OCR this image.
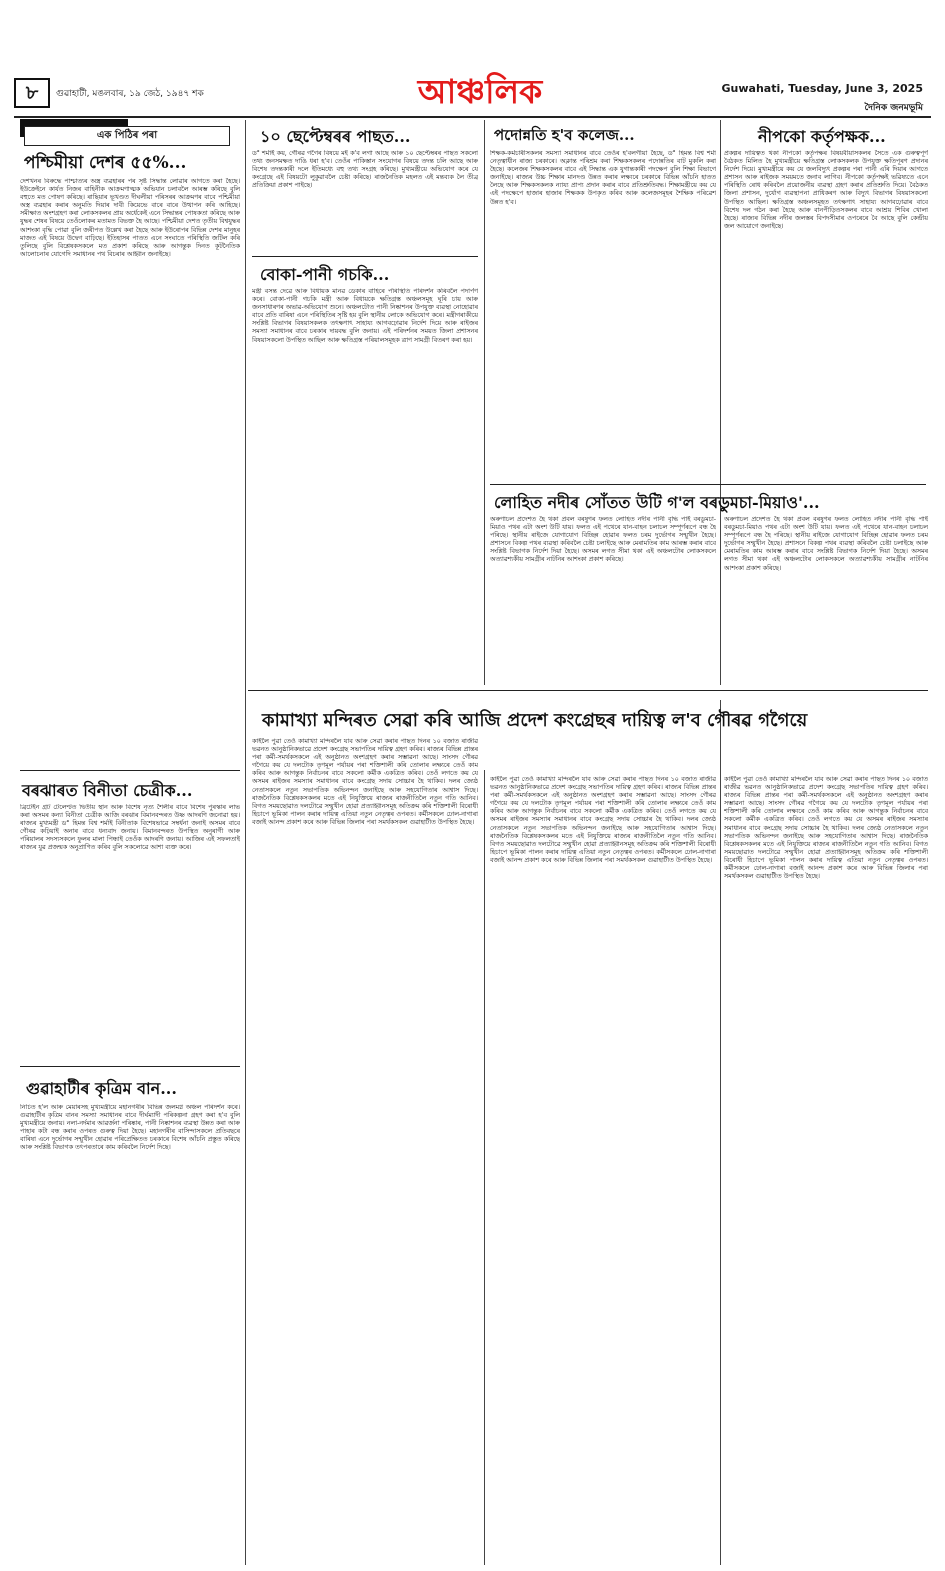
৮	গুৱাহাটী, মঙলবাৰ, ১৯ জেঠ, ১৯৪৭ শক	আঞ্চলিক	Guwahati, Tuesday, June 3, 2025
দৈনিক জনমভূমি
এক পিঠিৰ পৰা
পশ্চিমীয়া দেশৰ ৫৫%...
দেশখনৰ বিৰুদ্ধে পাশ্চাত্যৰ অস্ত্ৰ ব্যৱহাৰৰ পৰ সৃষ্ট সিদ্ধান্ত লোৱাৰ আগতে কৰা হৈছে। ইউক্ৰেইনে কাৰ্যত নিজৰ বাহিনীক আক্ৰমণাত্মক অভিযান চলাবলৈ আৰম্ভ কৰিছে বুলি বহুতে মত পোষণ কৰিছে। ৰাছিয়াৰ ভূখণ্ডত দীঘলীয়া পৰিসৰৰ আক্ৰমণৰ বাবে পশ্চিমীয়া অস্ত্ৰ ব্যৱহাৰ কৰাৰ অনুমতি দিয়াৰ দাবী কিয়েভে বাৰে বাৰে উত্থাপন কৰি আহিছে। সমীক্ষাত অংশগ্ৰহণ কৰা লোকসকলৰ প্ৰায় অৰ্ধেকেই এনে সিদ্ধান্তৰ পোষকতা কৰিছে আৰু যুদ্ধৰ শেষৰ বিষয়ে তেওঁলোকৰ মতামত বিভক্ত হৈ আছে। পশ্চিমীয়া দেশত তৃতীয় বিশ্বযুদ্ধৰ আশংকা বৃদ্ধি পোৱা বুলি জৰীপত উল্লেখ কৰা হৈছে আৰু ইউৰোপৰ বিভিন্ন দেশৰ মানুহৰ মাজত এই বিষয়ে উদ্বেগ বাঢ়িছে। ইতিহাসৰ পাতত এনে সংঘাতে পৰিস্থিতি জটিল কৰি তুলিছে বুলি বিশ্লেষকসকলে মত প্ৰকাশ কৰিছে আৰু আগন্তুক দিনত কূটনৈতিক আলোচনাৰ যোগেদি সমাধানৰ পথ বিচৰাৰ আহ্বান জনাইছে।
বৰঝাৰত বিনীতা চেত্ৰীক...
ব্ৰিটেইন গ্ৰট টেলেণ্টত দ্বিতীয় স্থান আৰু বিশেষ নৃত্য শৈলীৰ বাবে বিশেষ পুৰস্কাৰ লাভ কৰা অসমৰ কন্যা বিনীতা চেত্ৰীক আজি বৰঝাৰ বিমানবন্দৰত উষ্ণ আদৰণি জনোৱা হয়। ৰাজ্যৰ মুখ্যমন্ত্ৰী ড° হিমন্ত বিশ্ব শৰ্মাই বিনীতাক বিশেষভাৱে সম্বৰ্ধনা জনাই অসমৰ বাবে গৌৰৱ কঢ়িয়াই অনাৰ বাবে ধন্যবাদ জনায়। বিমানবন্দৰত উপস্থিত অনুৰাগী আৰু পৰিয়ালৰ সদস্যসকলে ফুলৰ মালা পিন্ধাই তেওঁক আদৰণি জনায়। আজিৰ এই সফলতাই ৰাজ্যৰ যুৱ প্ৰজন্মক অনুপ্ৰাণিত কৰিব বুলি সকলোৱে আশা ব্যক্ত কৰে।
গুৱাহাটীৰ কৃত্ৰিম বান...
নিচিত হ'ল আৰু মেয়াৰসহ মুখ্যমন্ত্ৰীয়ে মহানগৰীৰ বিভিন্ন জলমগ্ন অঞ্চল পৰিদৰ্শন কৰে। গুৱাহাটীৰ কৃত্ৰিম বানৰ সমস্যা সমাধানৰ বাবে দীৰ্ঘম্যাদী পৰিকল্পনা গ্ৰহণ কৰা হ'ব বুলি মুখ্যমন্ত্ৰীয়ে জনায়। নলা-নৰ্দমাৰ আৱৰ্জনা পৰিষ্কাৰ, পানী নিষ্কাশনৰ ব্যৱস্থা উন্নত কৰা আৰু পাহাৰ কটা বন্ধ কৰাৰ ওপৰত গুৰুত্ব দিয়া হৈছে। মহানগৰীৰ বাসিন্দাসকলে প্ৰতিবছৰে বাৰিষা এনে দুৰ্ভোগৰ সন্মুখীন হোৱাৰ পৰিপ্ৰেক্ষিতত চৰকাৰে বিশেষ আঁচনি প্ৰস্তুত কৰিছে আৰু সংশ্লিষ্ট বিভাগক তৎপৰতাৰে কাম কৰিবলৈ নিৰ্দেশ দিছে।
১০ ছেপ্টেম্বৰৰ পাছত...
ড° শৰ্মাই কয়, গৌৰৱ গগৈৰ বিষয়ে মই ক'ব লগা আছে আৰু ১০ ছেপ্টেম্বৰৰ পাছত সকলো তথ্য জনসমক্ষত দাঙি ধৰা হ'ব। তেওঁৰ পাকিস্তান সংযোগৰ বিষয়ে তদন্ত চলি আছে আৰু বিশেষ তদন্তকাৰী দলে ইতিমধ্যে বহু তথ্য সংগ্ৰহ কৰিছে। মুখ্যমন্ত্ৰীয়ে অভিযোগ কৰে যে কংগ্ৰেছে এই বিষয়টো লুকুৱাবলৈ চেষ্টা কৰিছে। ৰাজনৈতিক মহলত এই মন্তব্যক লৈ তীব্ৰ প্ৰতিক্ৰিয়া প্ৰকাশ পাইছে।
বোকা-পানী গচকি...
মন্ত্ৰী বসন্ত দেৱে আৰু বিধায়ক মানৱ ডেকাৰ বাহিৰে পৰিস্থিতি পৰিদৰ্শন কৰিবলৈ পদাৰ্পণ কৰে। বোকা-পানী গচকি মন্ত্ৰী আৰু বিধায়কে ক্ষতিগ্ৰস্ত অঞ্চলসমূহ ঘূৰি চায় আৰু জনসাধাৰণৰ অভাৱ-অভিযোগ শুনে। অঞ্চলটোত পানী নিষ্কাশনৰ উপযুক্ত ব্যৱস্থা নোহোৱাৰ বাবে প্ৰতি বাৰিষা এনে পৰিস্থিতিৰ সৃষ্টি হয় বুলি স্থানীয় লোকে অভিযোগ কৰে। মন্ত্ৰীগৰাকীয়ে সংশ্লিষ্ট বিভাগৰ বিষয়াসকলক তৎক্ষণাৎ সাহায্য আগবঢ়োৱাৰ নিৰ্দেশ দিয়ে আৰু ৰাইজৰ সমস্যা সমাধানৰ বাবে চৰকাৰ দায়বদ্ধ বুলি জনায়। এই পৰিদৰ্শনৰ সময়ত জিলা প্ৰশাসনৰ বিষয়াসকলো উপস্থিত আছিল আৰু ক্ষতিগ্ৰস্ত পৰিয়ালসমূহক ত্ৰাণ সামগ্ৰী বিতৰণ কৰা হয়।
পদোন্নতি হ'ব কলেজ...
শিক্ষক-কৰ্মচাৰীসকলৰ সমস্যা সমাধানৰ বাবে তেওঁৰ হ'বলগীয়া হৈছে, ড° হিমন্ত বিশ্ব শৰ্মা নেতৃত্বাধীন ৰাজ্য চৰকাৰে। অক্লান্ত পৰিশ্ৰম কৰা শিক্ষকসকলৰ পদোন্নতিৰ বাট মুকলি কৰা হৈছে। কলেজৰ শিক্ষকসকলৰ বাবে এই সিদ্ধান্ত এক যুগান্তকাৰী পদক্ষেপ বুলি শিক্ষা বিভাগে জনাইছে। ৰাজ্যৰ উচ্চ শিক্ষাৰ মানদণ্ড উন্নত কৰাৰ লক্ষ্যৰে চৰকাৰে বিভিন্ন আঁচনি হাতত লৈছে আৰু শিক্ষকসকলক ন্যায্য প্ৰাপ্য প্ৰদান কৰাৰ বাবে প্ৰতিশ্ৰুতিবদ্ধ। শিক্ষামন্ত্ৰীয়ে কয় যে এই পদক্ষেপে হাজাৰ হাজাৰ শিক্ষকক উপকৃত কৰিব আৰু কলেজসমূহৰ শৈক্ষিক পৰিৱেশ উন্নত হ'ব।
লোহিত নদীৰ সোঁতত উটি গ'ল বৰডুমচা-মিয়াও'...
অৰুণাচল প্ৰদেশত হৈ থকা প্ৰবল বৰষুণৰ ফলত লোহিত নদীৰ পানী বৃদ্ধি পাই বৰডুমচা-মিয়াও পথৰ এটা অংশ উটি যায়। ফলত এই পথেৰে যান-বাহন চলাচল সম্পূৰ্ণৰূপে বন্ধ হৈ পৰিছে। স্থানীয় ৰাইজে যোগাযোগ বিচ্ছিন্ন হোৱাৰ ফলত চৰম দুৰ্ভোগৰ সন্মুখীন হৈছে। প্ৰশাসনে বিকল্প পথৰ ব্যৱস্থা কৰিবলৈ চেষ্টা চলাইছে আৰু মেৰামতিৰ কাম আৰম্ভ কৰাৰ বাবে সংশ্লিষ্ট বিভাগক নিৰ্দেশ দিয়া হৈছে। অসমৰ লগত সীমা থকা এই অঞ্চলটোৰ লোকসকলে অত্যাৱশ্যকীয় সামগ্ৰীৰ নাটনিৰ আশংকা প্ৰকাশ কৰিছে।
নীপকো কৰ্তৃপক্ষক...
প্ৰকল্পৰ দায়িত্বত থকা নীপকো কৰ্তৃপক্ষৰ বিষয়বীয়াসকলৰ সৈতে এক গুৰুত্বপূৰ্ণ বৈঠকত মিলিত হৈ মুখ্যমন্ত্ৰীয়ে ক্ষতিগ্ৰস্ত লোকসকলক উপযুক্ত ক্ষতিপূৰণ প্ৰদানৰ নিৰ্দেশ দিয়ে। মুখ্যমন্ত্ৰীয়ে কয় যে জলবিদ্যুৎ প্ৰকল্পৰ পৰা পানী এৰি দিয়াৰ আগতে প্ৰশাসন আৰু ৰাইজক সময়মতে জনাব লাগিব। নীপকো কৰ্তৃপক্ষই ভৱিষ্যতে এনে পৰিস্থিতি ৰোধ কৰিবলৈ প্ৰয়োজনীয় ব্যৱস্থা গ্ৰহণ কৰাৰ প্ৰতিশ্ৰুতি দিয়ে। বৈঠকত জিলা প্ৰশাসন, দুৰ্যোগ ব্যৱস্থাপনা প্ৰাধিকৰণ আৰু বিদ্যুৎ বিভাগৰ বিষয়াসকলো উপস্থিত আছিল। ক্ষতিগ্ৰস্ত অঞ্চলসমূহত তৎক্ষণাৎ সাহায্য আগবঢ়োৱাৰ বাবে বিশেষ দল গঠন কৰা হৈছে আৰু বানপীড়িতসকলৰ বাবে আশ্ৰয় শিবিৰ খোলা হৈছে। ৰাজ্যৰ বিভিন্ন নদীৰ জলস্তৰ বিপদসীমাৰ ওপৰেৰে বৈ আছে বুলি কেন্দ্ৰীয় জল আয়োগে জনাইছে।
অৰুণাচল প্ৰদেশত হৈ থকা প্ৰবল বৰষুণৰ ফলত লোহিত নদীৰ পানী বৃদ্ধি পাই বৰডুমচা-মিয়াও পথৰ এটা অংশ উটি যায়। ফলত এই পথেৰে যান-বাহন চলাচল সম্পূৰ্ণৰূপে বন্ধ হৈ পৰিছে। স্থানীয় ৰাইজে যোগাযোগ বিচ্ছিন্ন হোৱাৰ ফলত চৰম দুৰ্ভোগৰ সন্মুখীন হৈছে। প্ৰশাসনে বিকল্প পথৰ ব্যৱস্থা কৰিবলৈ চেষ্টা চলাইছে আৰু মেৰামতিৰ কাম আৰম্ভ কৰাৰ বাবে সংশ্লিষ্ট বিভাগক নিৰ্দেশ দিয়া হৈছে। অসমৰ লগত সীমা থকা এই অঞ্চলটোৰ লোকসকলে অত্যাৱশ্যকীয় সামগ্ৰীৰ নাটনিৰ আশংকা প্ৰকাশ কৰিছে।
কামাখ্যা মন্দিৰত সেৱা কৰি আজি প্ৰদেশ কংগ্ৰেছৰ দায়িত্ব ল'ব গৌৰৱ গগৈয়ে
কাইলৈ পুৱা তেওঁ কামাখ্যা মন্দিৰলৈ যাব আৰু সেৱা কৰাৰ পাছত দিনৰ ১০ বজাত ৰাজীৱ ভৱনত আনুষ্ঠানিকভাৱে প্ৰদেশ কংগ্ৰেছ সভাপতিৰ দায়িত্ব গ্ৰহণ কৰিব। ৰাজ্যৰ বিভিন্ন প্ৰান্তৰ পৰা কৰ্মী-সমৰ্থকসকলে এই অনুষ্ঠানত অংশগ্ৰহণ কৰাৰ সম্ভাৱনা আছে। সাংসদ গৌৰৱ গগৈয়ে কয় যে দলটোক তৃণমূল পৰ্যায়ৰ পৰা শক্তিশালী কৰি তোলাৰ লক্ষ্যৰে তেওঁ কাম কৰিব আৰু আগন্তুক নিৰ্বাচনৰ বাবে সকলো কৰ্মীক একত্ৰিত কৰিব। তেওঁ লগতে কয় যে অসমৰ ৰাইজৰ সমস্যাৰ সমাধানৰ বাবে কংগ্ৰেছ সদায় সোচ্চাৰ হৈ থাকিব। দলৰ জ্যেষ্ঠ নেতাসকলে নতুন সভাপতিক অভিনন্দন জনাইছে আৰু সহযোগিতাৰ আশ্বাস দিছে। ৰাজনৈতিক বিশ্লেষকসকলৰ মতে এই নিযুক্তিয়ে ৰাজ্যৰ ৰাজনীতিলৈ নতুন গতি আনিব। বিগত সময়ছোৱাত দলটোৱে সন্মুখীন হোৱা প্ৰত্যাহ্বানসমূহ অতিক্ৰম কৰি শক্তিশালী বিৰোধী হিচাপে ভূমিকা পালন কৰাৰ দায়িত্ব এতিয়া নতুন নেতৃত্বৰ ওপৰত। কৰ্মীসকলে ঢোল-নাগাৰা বজাই আনন্দ প্ৰকাশ কৰে আৰু বিভিন্ন জিলাৰ পৰা সমৰ্থকসকল গুৱাহাটীত উপস্থিত হৈছে।
কাইলৈ পুৱা তেওঁ কামাখ্যা মন্দিৰলৈ যাব আৰু সেৱা কৰাৰ পাছত দিনৰ ১০ বজাত ৰাজীৱ ভৱনত আনুষ্ঠানিকভাৱে প্ৰদেশ কংগ্ৰেছ সভাপতিৰ দায়িত্ব গ্ৰহণ কৰিব। ৰাজ্যৰ বিভিন্ন প্ৰান্তৰ পৰা কৰ্মী-সমৰ্থকসকলে এই অনুষ্ঠানত অংশগ্ৰহণ কৰাৰ সম্ভাৱনা আছে। সাংসদ গৌৰৱ গগৈয়ে কয় যে দলটোক তৃণমূল পৰ্যায়ৰ পৰা শক্তিশালী কৰি তোলাৰ লক্ষ্যৰে তেওঁ কাম কৰিব আৰু আগন্তুক নিৰ্বাচনৰ বাবে সকলো কৰ্মীক একত্ৰিত কৰিব। তেওঁ লগতে কয় যে অসমৰ ৰাইজৰ সমস্যাৰ সমাধানৰ বাবে কংগ্ৰেছ সদায় সোচ্চাৰ হৈ থাকিব। দলৰ জ্যেষ্ঠ নেতাসকলে নতুন সভাপতিক অভিনন্দন জনাইছে আৰু সহযোগিতাৰ আশ্বাস দিছে। ৰাজনৈতিক বিশ্লেষকসকলৰ মতে এই নিযুক্তিয়ে ৰাজ্যৰ ৰাজনীতিলৈ নতুন গতি আনিব। বিগত সময়ছোৱাত দলটোৱে সন্মুখীন হোৱা প্ৰত্যাহ্বানসমূহ অতিক্ৰম কৰি শক্তিশালী বিৰোধী হিচাপে ভূমিকা পালন কৰাৰ দায়িত্ব এতিয়া নতুন নেতৃত্বৰ ওপৰত। কৰ্মীসকলে ঢোল-নাগাৰা বজাই আনন্দ প্ৰকাশ কৰে আৰু বিভিন্ন জিলাৰ পৰা সমৰ্থকসকল গুৱাহাটীত উপস্থিত হৈছে।
কাইলৈ পুৱা তেওঁ কামাখ্যা মন্দিৰলৈ যাব আৰু সেৱা কৰাৰ পাছত দিনৰ ১০ বজাত ৰাজীৱ ভৱনত আনুষ্ঠানিকভাৱে প্ৰদেশ কংগ্ৰেছ সভাপতিৰ দায়িত্ব গ্ৰহণ কৰিব। ৰাজ্যৰ বিভিন্ন প্ৰান্তৰ পৰা কৰ্মী-সমৰ্থকসকলে এই অনুষ্ঠানত অংশগ্ৰহণ কৰাৰ সম্ভাৱনা আছে। সাংসদ গৌৰৱ গগৈয়ে কয় যে দলটোক তৃণমূল পৰ্যায়ৰ পৰা শক্তিশালী কৰি তোলাৰ লক্ষ্যৰে তেওঁ কাম কৰিব আৰু আগন্তুক নিৰ্বাচনৰ বাবে সকলো কৰ্মীক একত্ৰিত কৰিব। তেওঁ লগতে কয় যে অসমৰ ৰাইজৰ সমস্যাৰ সমাধানৰ বাবে কংগ্ৰেছ সদায় সোচ্চাৰ হৈ থাকিব। দলৰ জ্যেষ্ঠ নেতাসকলে নতুন সভাপতিক অভিনন্দন জনাইছে আৰু সহযোগিতাৰ আশ্বাস দিছে। ৰাজনৈতিক বিশ্লেষকসকলৰ মতে এই নিযুক্তিয়ে ৰাজ্যৰ ৰাজনীতিলৈ নতুন গতি আনিব। বিগত সময়ছোৱাত দলটোৱে সন্মুখীন হোৱা প্ৰত্যাহ্বানসমূহ অতিক্ৰম কৰি শক্তিশালী বিৰোধী হিচাপে ভূমিকা পালন কৰাৰ দায়িত্ব এতিয়া নতুন নেতৃত্বৰ ওপৰত। কৰ্মীসকলে ঢোল-নাগাৰা বজাই আনন্দ প্ৰকাশ কৰে আৰু বিভিন্ন জিলাৰ পৰা সমৰ্থকসকল গুৱাহাটীত উপস্থিত হৈছে।
